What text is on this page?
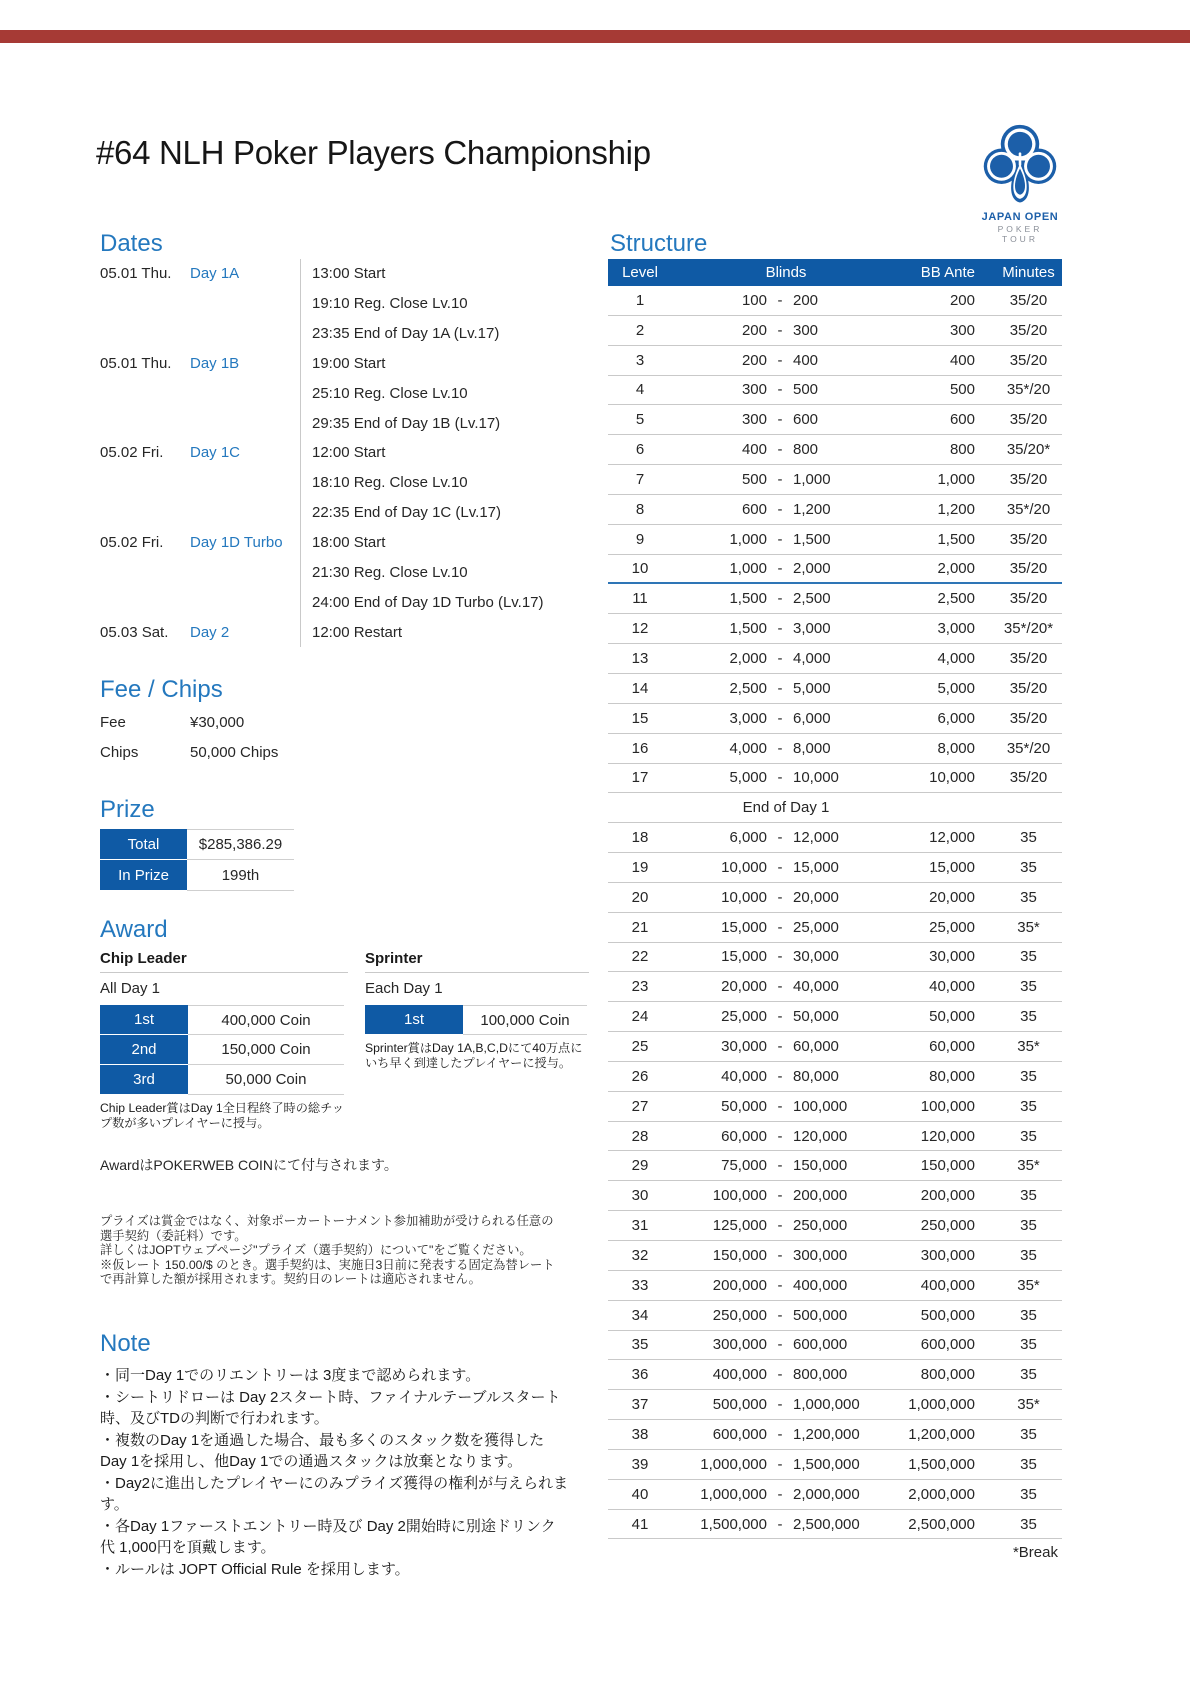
#64 NLH Poker Players Championship
JAPAN OPEN
POKER TOUR
Dates
05.01 Thu.	Day 1A	13:00 Start
19:10 Reg. Close Lv.10
23:35 End of Day 1A (Lv.17)
05.01 Thu.	Day 1B	19:00 Start
25:10 Reg. Close Lv.10
29:35 End of Day 1B (Lv.17)
05.02 Fri.	Day 1C	12:00 Start
18:10 Reg. Close Lv.10
22:35 End of Day 1C (Lv.17)
05.02 Fri.	Day 1D Turbo	18:00 Start
21:30 Reg. Close Lv.10
24:00 End of Day 1D Turbo (Lv.17)
05.03 Sat.	Day 2	12:00 Restart
Fee / Chips
Fee	¥30,000
Chips	50,000 Chips
Prize
Total	$285,386.29
In Prize	199th
Award
Chip Leader
All Day 1
1st	400,000 Coin
2nd	150,000 Coin
3rd	50,000 Coin
Chip Leader賞はDay 1全日程終了時の総チップ数が多いプレイヤーに授与。
Sprinter
Each Day 1
1st	100,000 Coin
Sprinter賞はDay 1A,B,C,Dにて40万点にいち早く到達したプレイヤーに授与。
AwardはPOKERWEB COINにて付与されます。
プライズは賞金ではなく、対象ポーカートーナメント参加補助が受けられる任意の選手契約（委託料）です。
詳しくはJOPTウェブページ"プライズ（選手契約）について"をご覧ください。
※仮レート 150.00/$ のとき。選手契約は、実施日3日前に発表する固定為替レートで再計算した額が採用されます。契約日のレートは適応されません。
Note
・同一Day 1でのリエントリーは 3度まで認められます。
・シートリドローは Day 2スタート時、ファイナルテーブルスタート時、及びTDの判断で行われます。
・複数のDay 1を通過した場合、最も多くのスタック数を獲得した Day 1を採用し、他Day 1での通過スタックは放棄となります。
・Day2に進出したプレイヤーにのみプライズ獲得の権利が与えられます。
・各Day 1ファーストエントリー時及び Day 2開始時に別途ドリンク代 1,000円を頂戴します。
・ルールは JOPT Official Rule を採用します。
Structure
Level	Blinds	BB Ante	Minutes
1	100 - 200	200	35/20
2	200 - 300	300	35/20
3	200 - 400	400	35/20
4	300 - 500	500	35*/20
5	300 - 600	600	35/20
6	400 - 800	800	35/20*
7	500 - 1,000	1,000	35/20
8	600 - 1,200	1,200	35*/20
9	1,000 - 1,500	1,500	35/20
10	1,000 - 2,000	2,000	35/20
11	1,500 - 2,500	2,500	35/20
12	1,500 - 3,000	3,000	35*/20*
13	2,000 - 4,000	4,000	35/20
14	2,500 - 5,000	5,000	35/20
15	3,000 - 6,000	6,000	35/20
16	4,000 - 8,000	8,000	35*/20
17	5,000 - 10,000	10,000	35/20
End of Day 1
18	6,000 - 12,000	12,000	35
19	10,000 - 15,000	15,000	35
20	10,000 - 20,000	20,000	35
21	15,000 - 25,000	25,000	35*
22	15,000 - 30,000	30,000	35
23	20,000 - 40,000	40,000	35
24	25,000 - 50,000	50,000	35
25	30,000 - 60,000	60,000	35*
26	40,000 - 80,000	80,000	35
27	50,000 - 100,000	100,000	35
28	60,000 - 120,000	120,000	35
29	75,000 - 150,000	150,000	35*
30	100,000 - 200,000	200,000	35
31	125,000 - 250,000	250,000	35
32	150,000 - 300,000	300,000	35
33	200,000 - 400,000	400,000	35*
34	250,000 - 500,000	500,000	35
35	300,000 - 600,000	600,000	35
36	400,000 - 800,000	800,000	35
37	500,000 - 1,000,000	1,000,000	35*
38	600,000 - 1,200,000	1,200,000	35
39	1,000,000 - 1,500,000	1,500,000	35
40	1,000,000 - 2,000,000	2,000,000	35
41	1,500,000 - 2,500,000	2,500,000	35
*Break
